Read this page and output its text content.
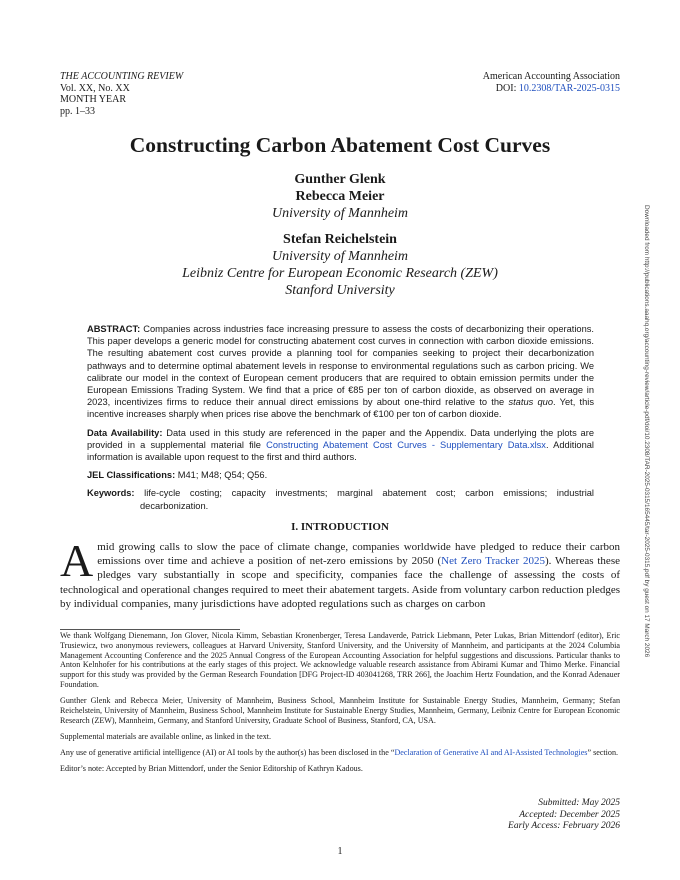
THE ACCOUNTING REVIEW
Vol. XX, No. XX
MONTH YEAR
pp. 1–33
American Accounting Association
DOI: 10.2308/TAR-2025-0315
Constructing Carbon Abatement Cost Curves
Gunther Glenk
Rebecca Meier
University of Mannheim
Stefan Reichelstein
University of Mannheim
Leibniz Centre for European Economic Research (ZEW)
Stanford University	Downloaded from http://publications.aaahq.org/accounting-review/article-pdf/doi/10.2308/TAR-2025-0315/165445/tar-2025-0315.pdf by guest on 17 March 2026

ABSTRACT: Companies across industries face increasing pressure to assess the costs of decarbonizing their operations. This paper develops a generic model for constructing abatement cost curves in connection with carbon dioxide emissions. The resulting abatement cost curves provide a planning tool for companies seeking to project their decarbonization pathways and to determine optimal abatement levels in response to environmental regulations such as carbon pricing. We calibrate our model in the context of European cement producers that are required to obtain emission permits under the European Emissions Trading System. We find that a price of €85 per ton of carbon dioxide, as observed on average in 2023, incentivizes firms to reduce their annual direct emissions by about one-third relative to the status quo. Yet, this incentive increases sharply when prices rise above the benchmark of €100 per ton of carbon dioxide.

Data Availability: Data used in this study are referenced in the paper and the Appendix. Data underlying the plots are provided in a supplemental material file Constructing Abatement Cost Curves - Supplementary Data.xlsx. Additional information is available upon request to the first and third authors.

JEL Classifications: M41; M48; Q54; Q56.

Keywords: life-cycle costing; capacity investments; marginal abatement cost; carbon emissions; industrial decarbonization.

I. INTRODUCTION
Amid growing calls to slow the pace of climate change, companies worldwide have pledged to reduce their carbon emissions over time and achieve a position of net-zero emissions by 2050 (Net Zero Tracker 2025). Whereas these pledges vary substantially in scope and specificity, companies face the challenge of assessing the costs of technological and operational changes required to meet their abatement targets. Aside from voluntary carbon reduction pledges by individual companies, many jurisdictions have adopted regulations such as charges on carbon

We thank Wolfgang Dienemann, Jon Glover, Nicola Kimm, Sebastian Kronenberger, Teresa Landaverde, Patrick Liebmann, Peter Lukas, Brian Mittendorf (editor), Eric Trusiewicz, two anonymous reviewers, colleagues at Harvard University, Stanford University, and the University of Mannheim, and participants at the 2024 Columbia Management Accounting Conference and the 2025 Annual Congress of the European Accounting Association for helpful suggestions and discussions. Particular thanks to Anton Kelnhofer for his contributions at the early stages of this project. We acknowledge valuable research assistance from Abirami Kumar and Thimo Merke. Financial support for this study was provided by the German Research Foundation [DFG Project-ID 403041268, TRR 266], the Joachim Hertz Foundation, and the Konrad Adenauer Foundation.

Gunther Glenk and Rebecca Meier, University of Mannheim, Business School, Mannheim Institute for Sustainable Energy Studies, Mannheim, Germany; Stefan Reichelstein, University of Mannheim, Business School, Mannheim Institute for Sustainable Energy Studies, Mannheim, Germany, Leibniz Centre for European Economic Research (ZEW), Mannheim, Germany, and Stanford University, Graduate School of Business, Stanford, CA, USA.

Supplemental materials are available online, as linked in the text.

Any use of generative artificial intelligence (AI) or AI tools by the author(s) has been disclosed in the “Declaration of Generative AI and AI-Assisted Technologies” section.

Editor’s note: Accepted by Brian Mittendorf, under the Senior Editorship of Kathryn Kadous.

Submitted: May 2025
Accepted: December 2025
Early Access: February 2026
1
